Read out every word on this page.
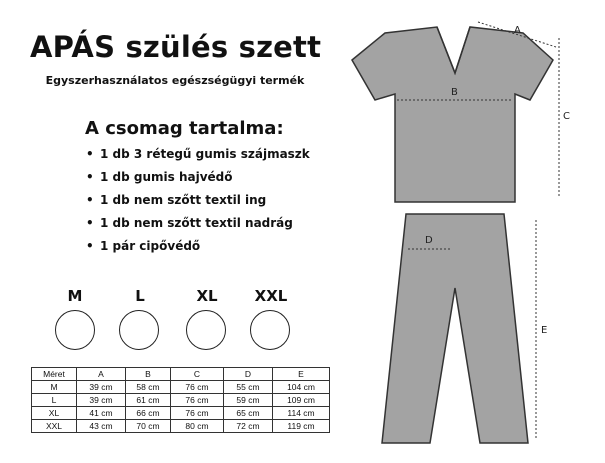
APÁS szülés szett
Egyszerhasználatos egészségügyi termék
A csomag tartalma:
• 1 db 3 rétegű gumis szájmaszk
• 1 db gumis hajvédő
• 1 db nem szőtt textil ing
• 1 db nem szőtt textil nadrág
• 1 pár cipővédő
M	L	XL	XXL
Méret	A	B	C	D	E
M	39 cm	58 cm	76 cm	55 cm	104 cm
L	39 cm	61 cm	76 cm	59 cm	109 cm
XL	41 cm	66 cm	76 cm	65 cm	114 cm
XXL	43 cm	70 cm	80 cm	72 cm	119 cm
A
B
C
D
E
